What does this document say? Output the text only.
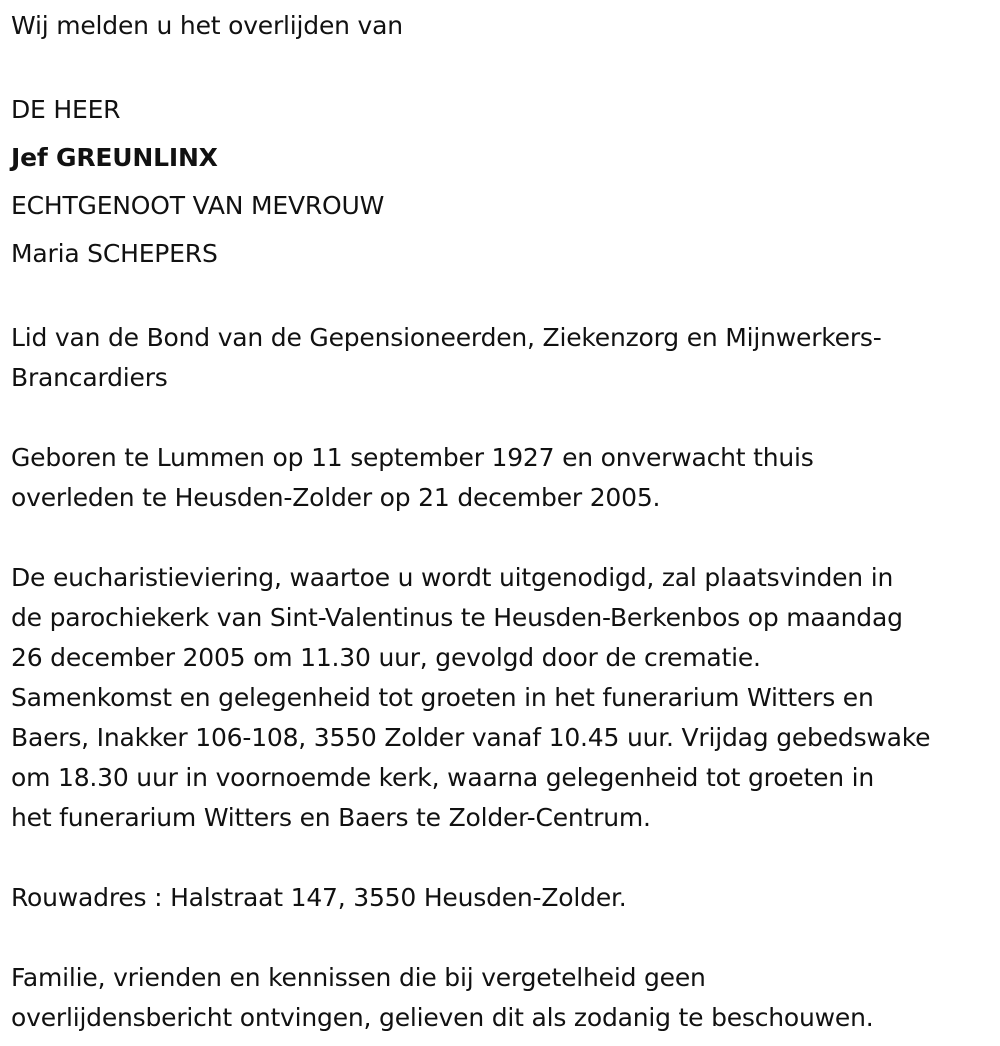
Wij melden u het overlijden van
DE HEER
Jef GREUNLINX
ECHTGENOOT VAN MEVROUW
Maria SCHEPERS
Lid van de Bond van de Gepensioneerden, Ziekenzorg en Mijnwerkers-
Brancardiers
Geboren te Lummen op 11 september 1927 en onverwacht thuis
overleden te Heusden-Zolder op 21 december 2005.
De eucharistieviering, waartoe u wordt uitgenodigd, zal plaatsvinden in
de parochiekerk van Sint-Valentinus te Heusden-Berkenbos op maandag
26 december 2005 om 11.30 uur, gevolgd door de crematie.
Samenkomst en gelegenheid tot groeten in het funerarium Witters en
Baers, Inakker 106-108, 3550 Zolder vanaf 10.45 uur. Vrijdag gebedswake
om 18.30 uur in voornoemde kerk, waarna gelegenheid tot groeten in
het funerarium Witters en Baers te Zolder-Centrum.
Rouwadres : Halstraat 147, 3550 Heusden-Zolder.
Familie, vrienden en kennissen die bij vergetelheid geen
overlijdensbericht ontvingen, gelieven dit als zodanig te beschouwen.
